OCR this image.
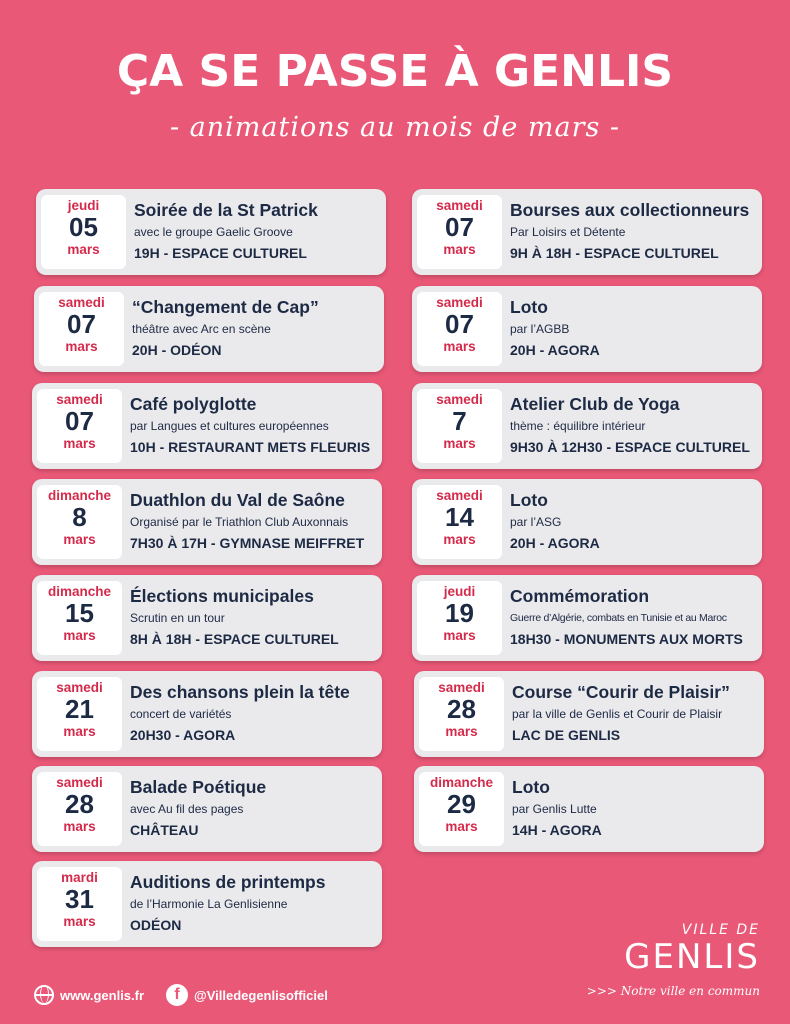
ÇA SE PASSE À GENLIS
- animations au mois de mars -
jeudi
05
mars
Soirée de la St Patrick
avec le groupe Gaelic Groove
19H - ESPACE CULTUREL
samedi
07
mars
“Changement de Cap”
théâtre avec Arc en scène
20H - ODÉON
samedi
07
mars
Café polyglotte
par Langues et cultures européennes
10H - RESTAURANT METS FLEURIS
dimanche
8
mars
Duathlon du Val de Saône
Organisé par le Triathlon Club Auxonnais
7H30 À 17H - GYMNASE MEIFFRET
dimanche
15
mars
Élections municipales
Scrutin en un tour
8H À 18H - ESPACE CULTUREL
samedi
21
mars
Des chansons plein la tête
concert de variétés
20H30 - AGORA
samedi
28
mars
Balade Poétique
avec Au fil des pages
CHÂTEAU
mardi
31
mars
Auditions de printemps
de l’Harmonie La Genlisienne
ODÉON
samedi
07
mars
Bourses aux collectionneurs
Par Loisirs et Détente
9H À 18H - ESPACE CULTUREL
samedi
07
mars
Loto
par l’AGBB
20H - AGORA
samedi
7
mars
Atelier Club de Yoga
thème : équilibre intérieur
9H30 À 12H30 - ESPACE CULTUREL
samedi
14
mars
Loto
par l’ASG
20H - AGORA
jeudi
19
mars
Commémoration
Guerre d’Algérie, combats en Tunisie et au Maroc
18H30 - MONUMENTS AUX MORTS
samedi
28
mars
Course “Courir de Plaisir”
par la ville de Genlis et Courir de Plaisir
LAC DE GENLIS
dimanche
29
mars
Loto
par Genlis Lutte
14H - AGORA
VILLE DE
GENLIS
>>> Notre ville en commun
www.genlis.fr	f	@Villedegenlisofficiel
